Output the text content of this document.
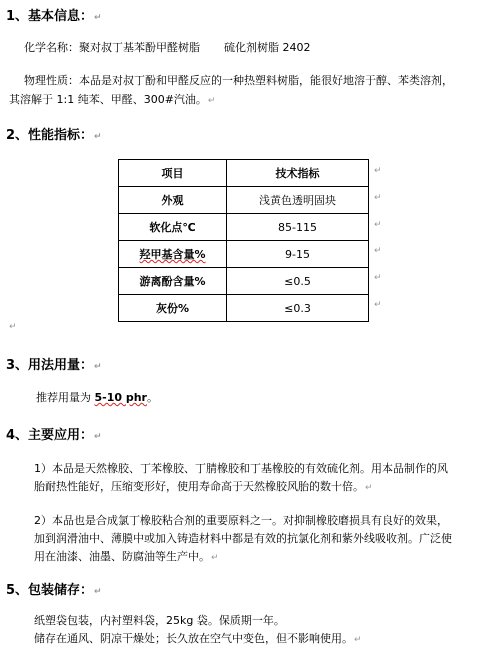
1、基本信息：↵
化学名称：聚对叔丁基苯酚甲醛树脂 硫化剂树脂 2402
物理性质：本品是对叔丁酚和甲醛反应的一种热塑料树脂，能很好地溶于醇、苯类溶剂，
其溶解于 1:1 纯苯、甲醛、300#汽油。↵
2、性能指标：↵
项目	技术指标
外观	浅黄色透明固块
软化点℃	85-115
羟甲基含量%	9-15
游离酚含量%	≤0.5
灰份%	≤0.3
↵
↵
↵
↵
↵
↵
↵
3、用法用量：↵
推荐用量为 5-10 phr。
4、主要应用：↵
1）本品是天然橡胶、丁苯橡胶、丁腈橡胶和丁基橡胶的有效硫化剂。用本品制作的风
胎耐热性能好，压缩变形好，使用寿命高于天然橡胶风胎的数十倍。↵
2）本品也是合成氯丁橡胶粘合剂的重要原料之一。对抑制橡胶磨损具有良好的效果，
加到润滑油中、薄膜中或加入铸造材料中都是有效的抗氯化剂和紫外线吸收剂。广泛使
用在油漆、油墨、防腐油等生产中。↵
5、包装储存：↵
纸塑袋包装，内衬塑料袋，25kg 袋。保质期一年。
储存在通风、阴凉干燥处；长久放在空气中变色，但不影响使用。↵
